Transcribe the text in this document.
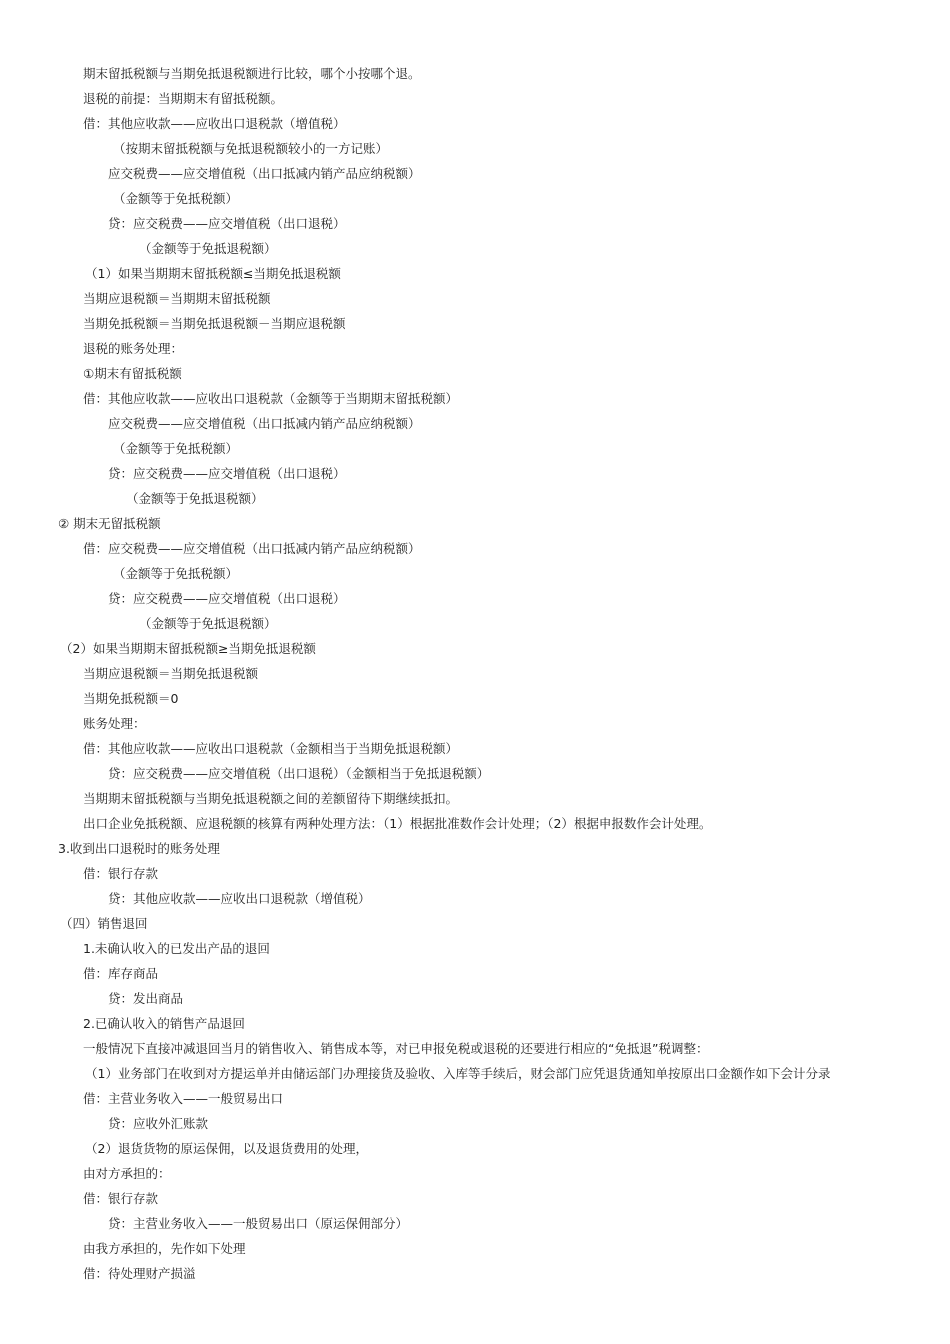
期末留抵税额与当期免抵退税额进行比较，哪个小按哪个退。
退税的前提：当期期末有留抵税额。
借：其他应收款——应收出口退税款（增值税）
（按期末留抵税额与免抵退税额较小的一方记账）
应交税费——应交增值税（出口抵减内销产品应纳税额）
（金额等于免抵税额）
贷：应交税费——应交增值税（出口退税）
（金额等于免抵退税额）
（1）如果当期期末留抵税额≤当期免抵退税额
当期应退税额＝当期期末留抵税额
当期免抵税额＝当期免抵退税额－当期应退税额
退税的账务处理：
①期末有留抵税额
借：其他应收款——应收出口退税款（金额等于当期期末留抵税额）
应交税费——应交增值税（出口抵减内销产品应纳税额）
（金额等于免抵税额）
贷：应交税费——应交增值税（出口退税）
（金额等于免抵退税额）
② 期末无留抵税额
借：应交税费——应交增值税（出口抵减内销产品应纳税额）
（金额等于免抵税额）
贷：应交税费——应交增值税（出口退税）
（金额等于免抵退税额）
（2）如果当期期末留抵税额≥当期免抵退税额
当期应退税额＝当期免抵退税额
当期免抵税额＝0
账务处理：
借：其他应收款——应收出口退税款（金额相当于当期免抵退税额）
贷：应交税费——应交增值税（出口退税）（金额相当于免抵退税额）
当期期末留抵税额与当期免抵退税额之间的差额留待下期继续抵扣。
出口企业免抵税额、应退税额的核算有两种处理方法：（1）根据批准数作会计处理；（2）根据申报数作会计处理。
3.收到出口退税时的账务处理
借：银行存款
贷：其他应收款——应收出口退税款（增值税）
（四）销售退回
1.未确认收入的已发出产品的退回
借：库存商品
贷：发出商品
2.已确认收入的销售产品退回
一般情况下直接冲减退回当月的销售收入、销售成本等，对已申报免税或退税的还要进行相应的“免抵退”税调整：
（1）业务部门在收到对方提运单并由储运部门办理接货及验收、入库等手续后，财会部门应凭退货通知单按原出口金额作如下会计分录
借：主营业务收入——一般贸易出口
贷：应收外汇账款
（2）退货货物的原运保佣，以及退货费用的处理，
由对方承担的：
借：银行存款
贷：主营业务收入——一般贸易出口（原运保佣部分）
由我方承担的，先作如下处理
借：待处理财产损溢
